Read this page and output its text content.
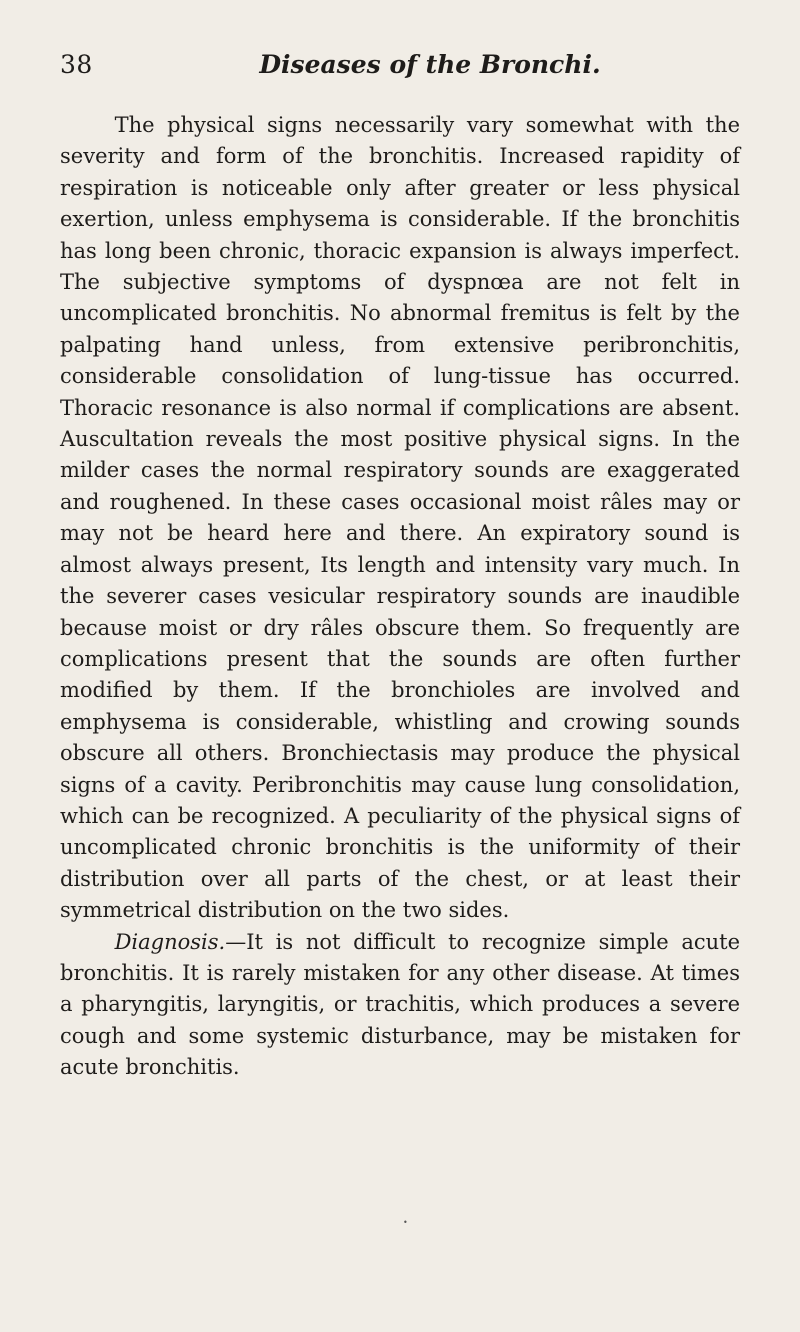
38	Diseases of the Bronchi.

The physical signs necessarily vary somewhat with the severity and form of the bronchitis. Increased rapidity of respiration is noticeable only after greater or less physical exertion, unless emphysema is considerable. If the bronchitis has long been chronic, thoracic expansion is always imperfect. The subjective symptoms of dyspnœa are not felt in uncomplicated bronchitis. No abnormal fremitus is felt by the palpating hand unless, from extensive peribronchitis, considerable consolidation of lung-tissue has occurred. Thoracic resonance is also normal if complications are absent. Auscultation reveals the most positive physical signs. In the milder cases the normal respiratory sounds are exaggerated and roughened. In these cases occasional moist râles may or may not be heard here and there. An expiratory sound is almost always present, Its length and intensity vary much. In the severer cases vesicular respiratory sounds are inaudible because moist or dry râles obscure them. So frequently are complications present that the sounds are often further modified by them. If the bronchioles are involved and emphysema is considerable, whistling and crowing sounds obscure all others. Bronchiectasis may produce the physical signs of a cavity. Peribronchitis may cause lung consolidation, which can be recognized. A peculiarity of the physical signs of uncomplicated chronic bronchitis is the uniformity of their distribution over all parts of the chest, or at least their symmetrical distribution on the two sides.

Diagnosis.—It is not difficult to recognize simple acute bronchitis. It is rarely mistaken for any other disease. At times a pharyngitis, laryngitis, or trachitis, which produces a severe cough and some systemic disturbance, may be mistaken for acute bronchitis.

•
